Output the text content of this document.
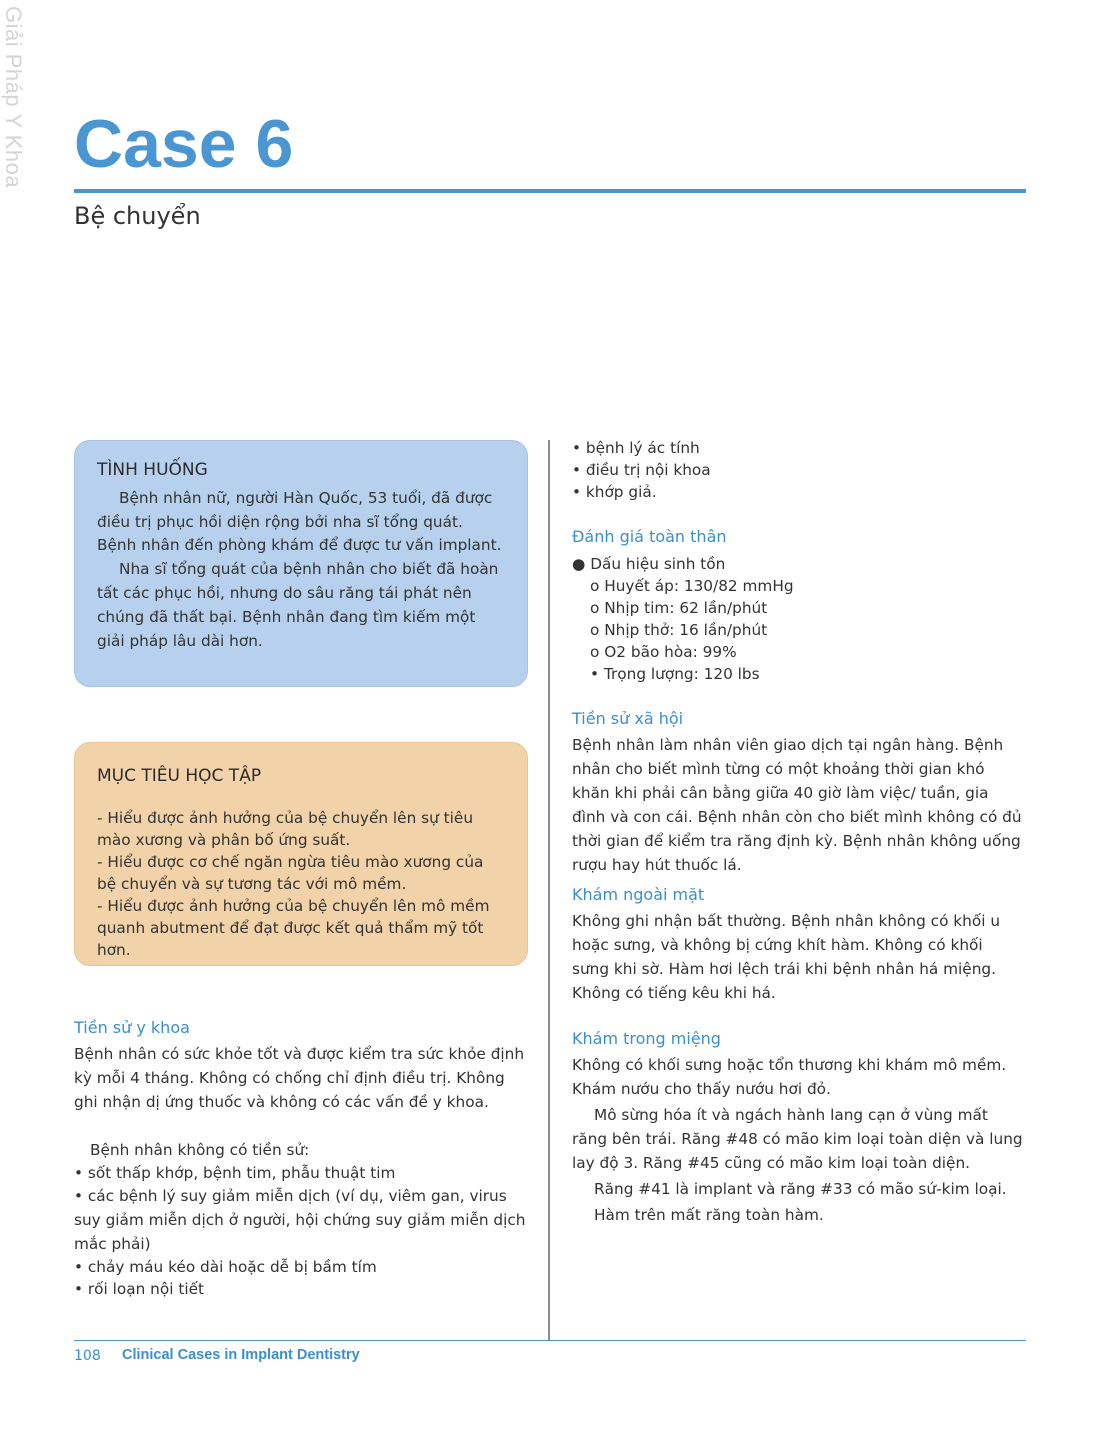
Giải Pháp Y Khoa Case 6
Bệ chuyển
TÌNH HUỐNG

Bệnh nhân nữ, người Hàn Quốc, 53 tuổi, đã được điều trị phục hồi diện rộng bởi nha sĩ tổng quát. Bệnh nhân đến phòng khám để được tư vấn implant.

Nha sĩ tổng quát của bệnh nhân cho biết đã hoàn tất các phục hồi, nhưng do sâu răng tái phát nên chúng đã thất bại. Bệnh nhân đang tìm kiếm một giải pháp lâu dài hơn.

MỤC TIÊU HỌC TẬP
- Hiểu được ảnh hưởng của bệ chuyển lên sự tiêu mào xương và phân bố ứng suất.
- Hiểu được cơ chế ngăn ngừa tiêu mào xương của bệ chuyển và sự tương tác với mô mềm.
- Hiểu được ảnh hưởng của bệ chuyển lên mô mềm quanh abutment để đạt được kết quả thẩm mỹ tốt hơn.
Tiền sử y khoa
Bệnh nhân có sức khỏe tốt và được kiểm tra sức khỏe định kỳ mỗi 4 tháng. Không có chống chỉ định điều trị. Không ghi nhận dị ứng thuốc và không có các vấn đề y khoa.
Bệnh nhân không có tiền sử:
• sốt thấp khớp, bệnh tim, phẫu thuật tim
• các bệnh lý suy giảm miễn dịch (ví dụ, viêm gan, virus suy giảm miễn dịch ở người, hội chứng suy giảm miễn dịch mắc phải)
• chảy máu kéo dài hoặc dễ bị bầm tím
• rối loạn nội tiết
• bệnh lý ác tính
• điều trị nội khoa
• khớp giả.
Đánh giá toàn thân
● Dấu hiệu sinh tồn
o Huyết áp: 130/82 mmHg
o Nhịp tim: 62 lần/phút
o Nhịp thở: 16 lần/phút
o O2 bão hòa: 99%
• Trọng lượng: 120 lbs
Tiền sử xã hội
Bệnh nhân làm nhân viên giao dịch tại ngân hàng. Bệnh nhân cho biết mình từng có một khoảng thời gian khó khăn khi phải cân bằng giữa 40 giờ làm việc/ tuần, gia đình và con cái. Bệnh nhân còn cho biết mình không có đủ thời gian để kiểm tra răng định kỳ. Bệnh nhân không uống rượu hay hút thuốc lá.
Khám ngoài mặt
Không ghi nhận bất thường. Bệnh nhân không có khối u hoặc sưng, và không bị cứng khít hàm. Không có khối sưng khi sờ. Hàm hơi lệch trái khi bệnh nhân há miệng. Không có tiếng kêu khi há.
Khám trong miệng
Không có khối sưng hoặc tổn thương khi khám mô mềm. Khám nướu cho thấy nướu hơi đỏ.
Mô sừng hóa ít và ngách hành lang cạn ở vùng mất răng bên trái. Răng #48 có mão kim loại toàn diện và lung lay độ 3. Răng #45 cũng có mão kim loại toàn diện.
Răng #41 là implant và răng #33 có mão sứ-kim loại.
Hàm trên mất răng toàn hàm.
108 Clinical Cases in Implant Dentistry
